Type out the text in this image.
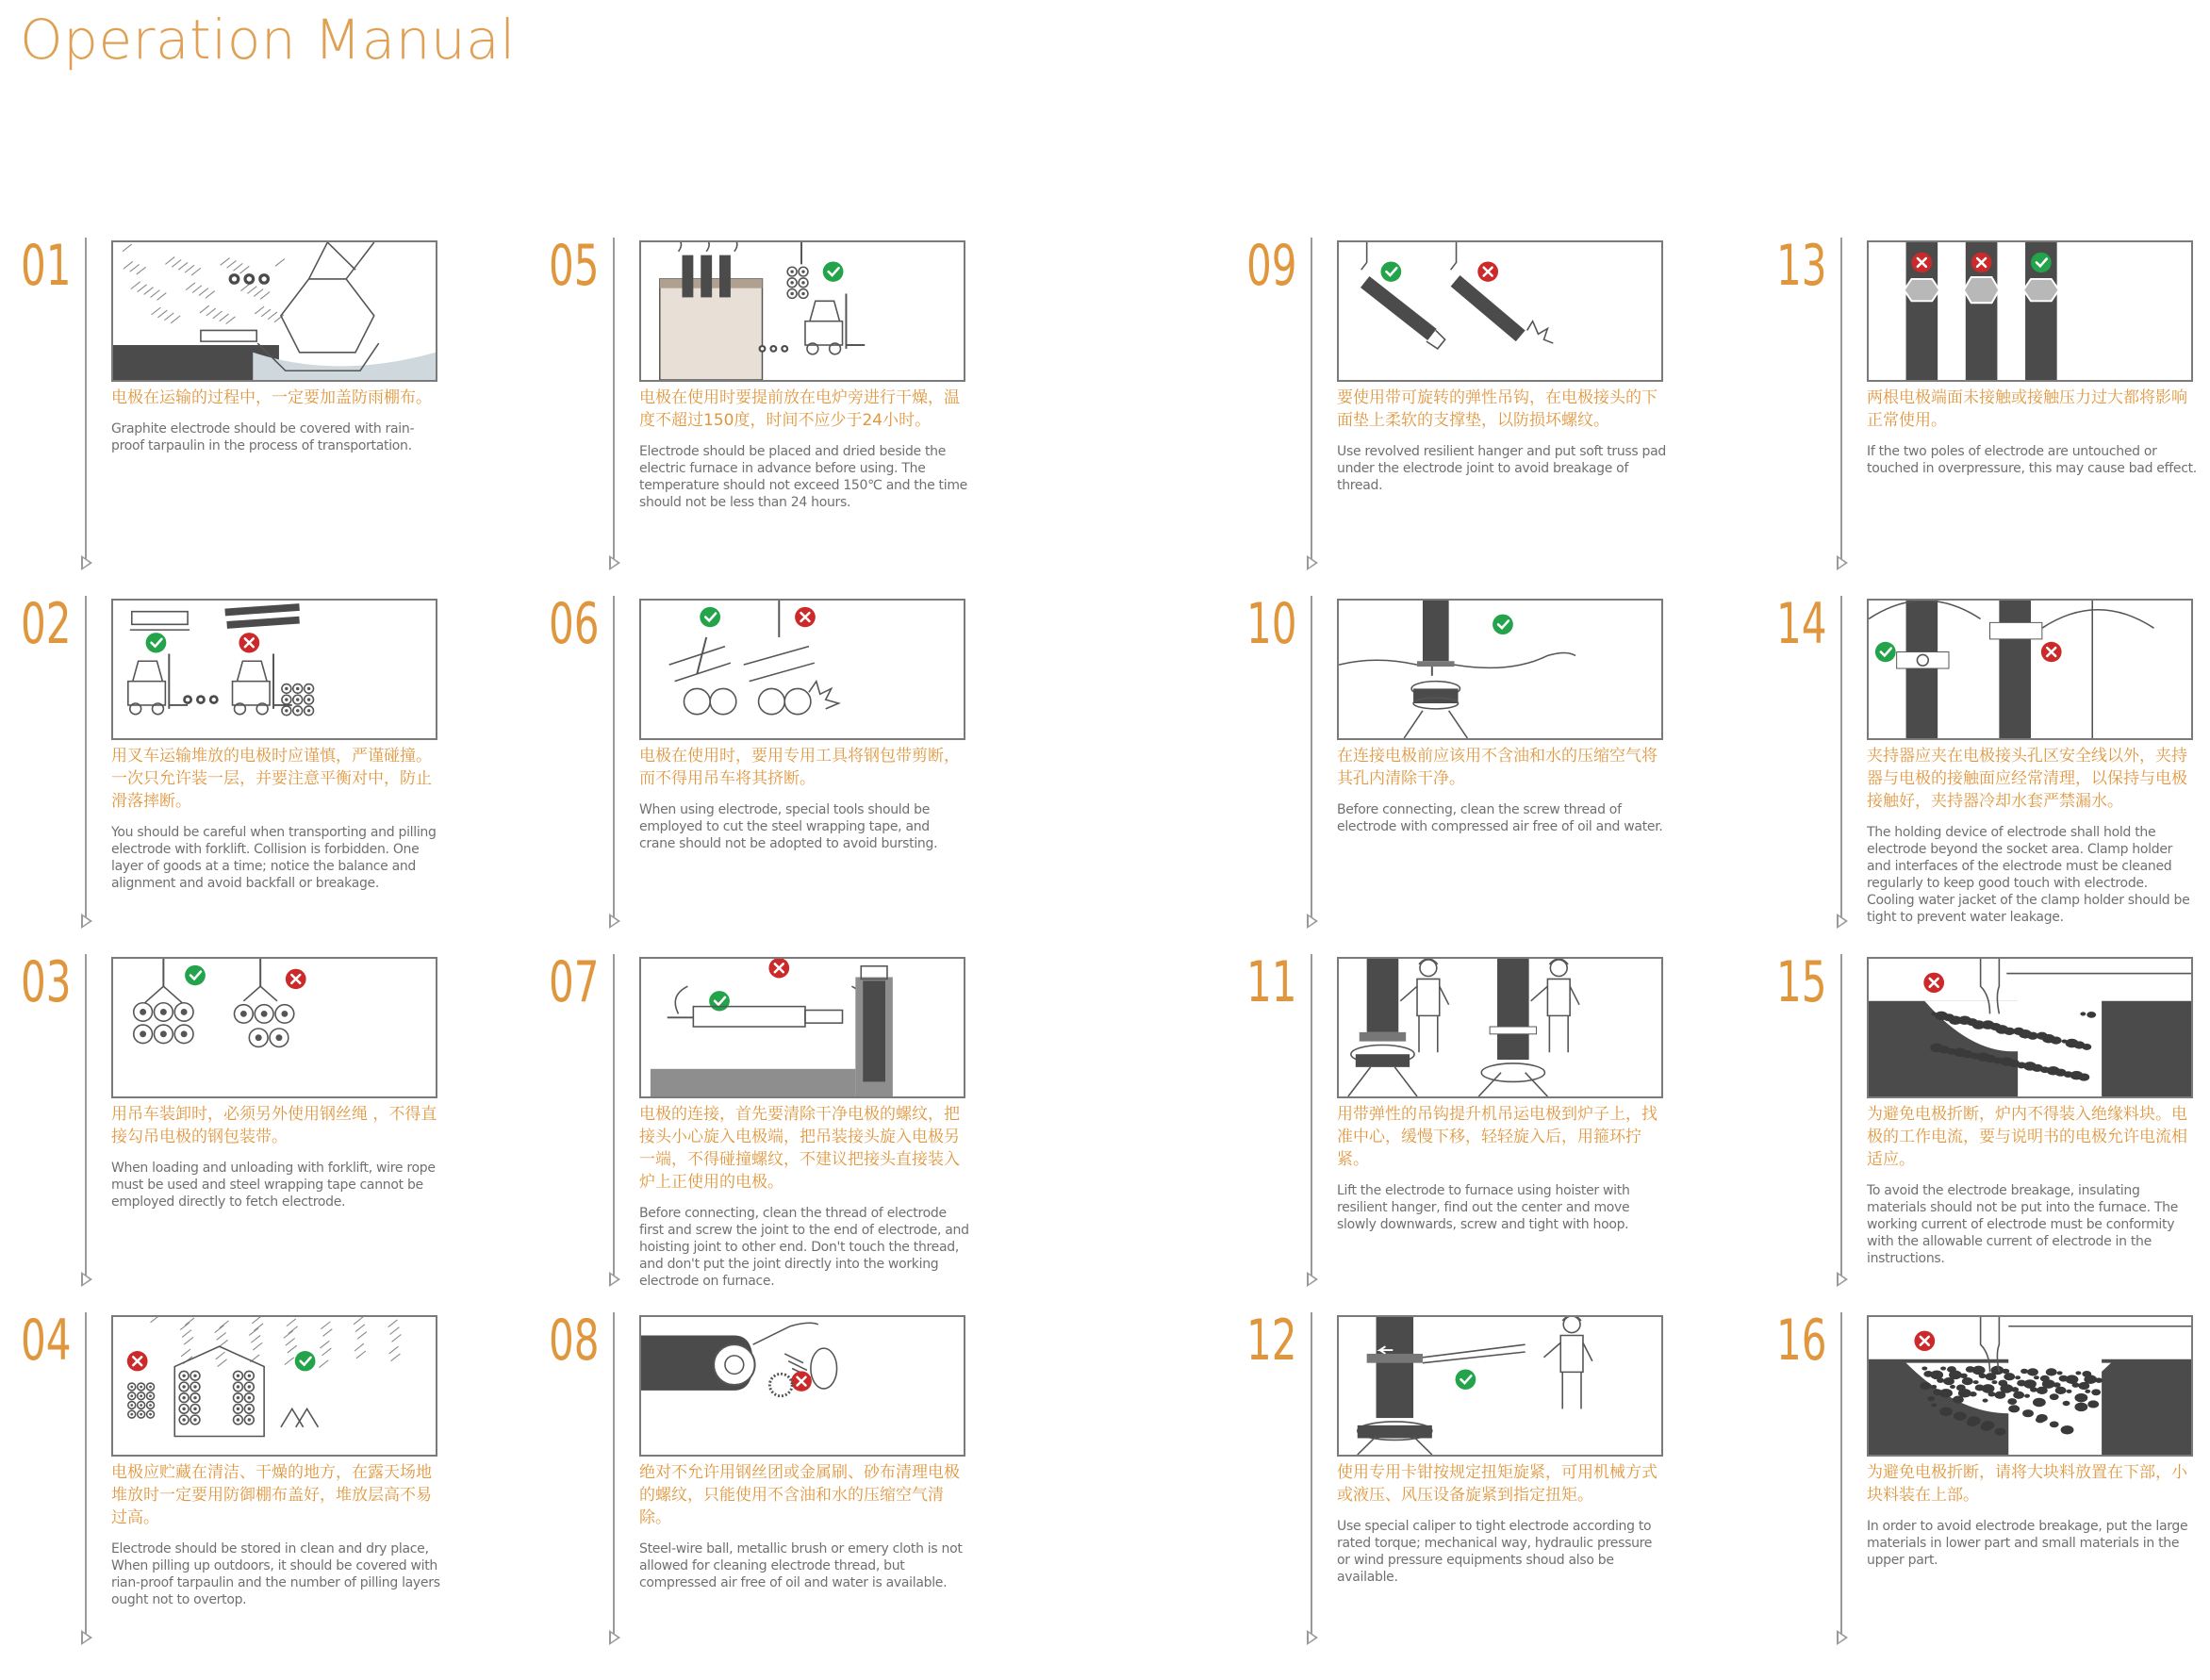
Operation Manual
01
电极在运输的过程中，一定要加盖防雨棚布。
Graphite electrode should be covered with rain-proof tarpaulin in the process of transportation.
02
用叉车运输堆放的电极时应谨慎，严谨碰撞。一次只允许装一层，并要注意平衡对中，防止滑落摔断。
You should be careful when transporting and pilling electrode with forklift. Collision is forbidden. One layer of goods at a time; notice the balance and alignment and avoid backfall or breakage.
03
用吊车装卸时，必须另外使用钢丝绳 ，不得直接勾吊电极的钢包装带。
When loading and unloading with forklift, wire rope must be used and steel wrapping tape cannot be employed directly to fetch electrode.
04
电极应贮藏在清洁、干燥的地方，在露天场地堆放时一定要用防御棚布盖好，堆放层高不易过高。
Electrode should be stored in clean and dry place, When pilling up outdoors, it should be covered with rian-proof tarpaulin and the number of pilling layers ought not to overtop.
05
电极在使用时要提前放在电炉旁进行干燥，温度不超过150度，时间不应少于24小时。
Electrode should be placed and dried beside the electric furnace in advance before using. The temperature should not exceed 150℃ and the time should not be less than 24 hours.
06
电极在使用时，要用专用工具将钢包带剪断，而不得用吊车将其挤断。
When using electrode, special tools should be employed to cut the steel wrapping tape, and crane should not be adopted to avoid bursting.
07
电极的连接，首先要清除干净电极的螺纹，把接头小心旋入电极端，把吊装接头旋入电极另一端，不得碰撞螺纹，不建议把接头直接装入炉上正使用的电极。
Before connecting, clean the thread of electrode first and screw the joint to the end of electrode, and hoisting joint to other end. Don't touch the thread, and don't put the joint directly into the working electrode on furnace.
08
绝对不允许用钢丝团或金属刷、砂布清理电极的螺纹，只能使用不含油和水的压缩空气清除。
Steel-wire ball, metallic brush or emery cloth is not allowed for cleaning electrode thread, but compressed air free of oil and water is available.
09
要使用带可旋转的弹性吊钩，在电极接头的下面垫上柔软的支撑垫，以防损坏螺纹。
Use revolved resilient hanger and put soft truss pad under the electrode joint to avoid breakage of thread.
10
在连接电极前应该用不含油和水的压缩空气将其孔内清除干净。
Before connecting, clean the screw thread of electrode with compressed air free of oil and water.
11
用带弹性的吊钩提升机吊运电极到炉子上，找准中心，缓慢下移，轻轻旋入后，用箍环拧紧。
Lift the electrode to furnace using hoister with resilient hanger, find out the center and move slowly downwards, screw and tight with hoop.
12
使用专用卡钳按规定扭矩旋紧，可用机械方式或液压、风压设备旋紧到指定扭矩。
Use special caliper to tight electrode according to rated torque; mechanical way, hydraulic pressure or wind pressure equipments shoud also be available.
13
两根电极端面未接触或接触压力过大都将影响正常使用。
If the two poles of electrode are untouched or touched in overpressure, this may cause bad effect.
14
夹持器应夹在电极接头孔区安全线以外，夹持器与电极的接触面应经常清理，以保持与电极接触好，夹持器冷却水套严禁漏水。
The holding device of electrode shall hold the electrode beyond the socket area. Clamp holder and interfaces of the electrode must be cleaned regularly to keep good touch with electrode. Cooling water jacket of the clamp holder should be tight to prevent water leakage.
15
为避免电极折断，炉内不得装入绝缘料块。电极的工作电流，要与说明书的电极允许电流相适应。
To avoid the electrode breakage, insulating materials should not be put into the furnace. The working current of electrode must be conformity with the allowable current of electrode in the instructions.
16
为避免电极折断，请将大块料放置在下部，小块料装在上部。
In order to avoid electrode breakage, put the large materials in lower part and small materials in the upper part.
